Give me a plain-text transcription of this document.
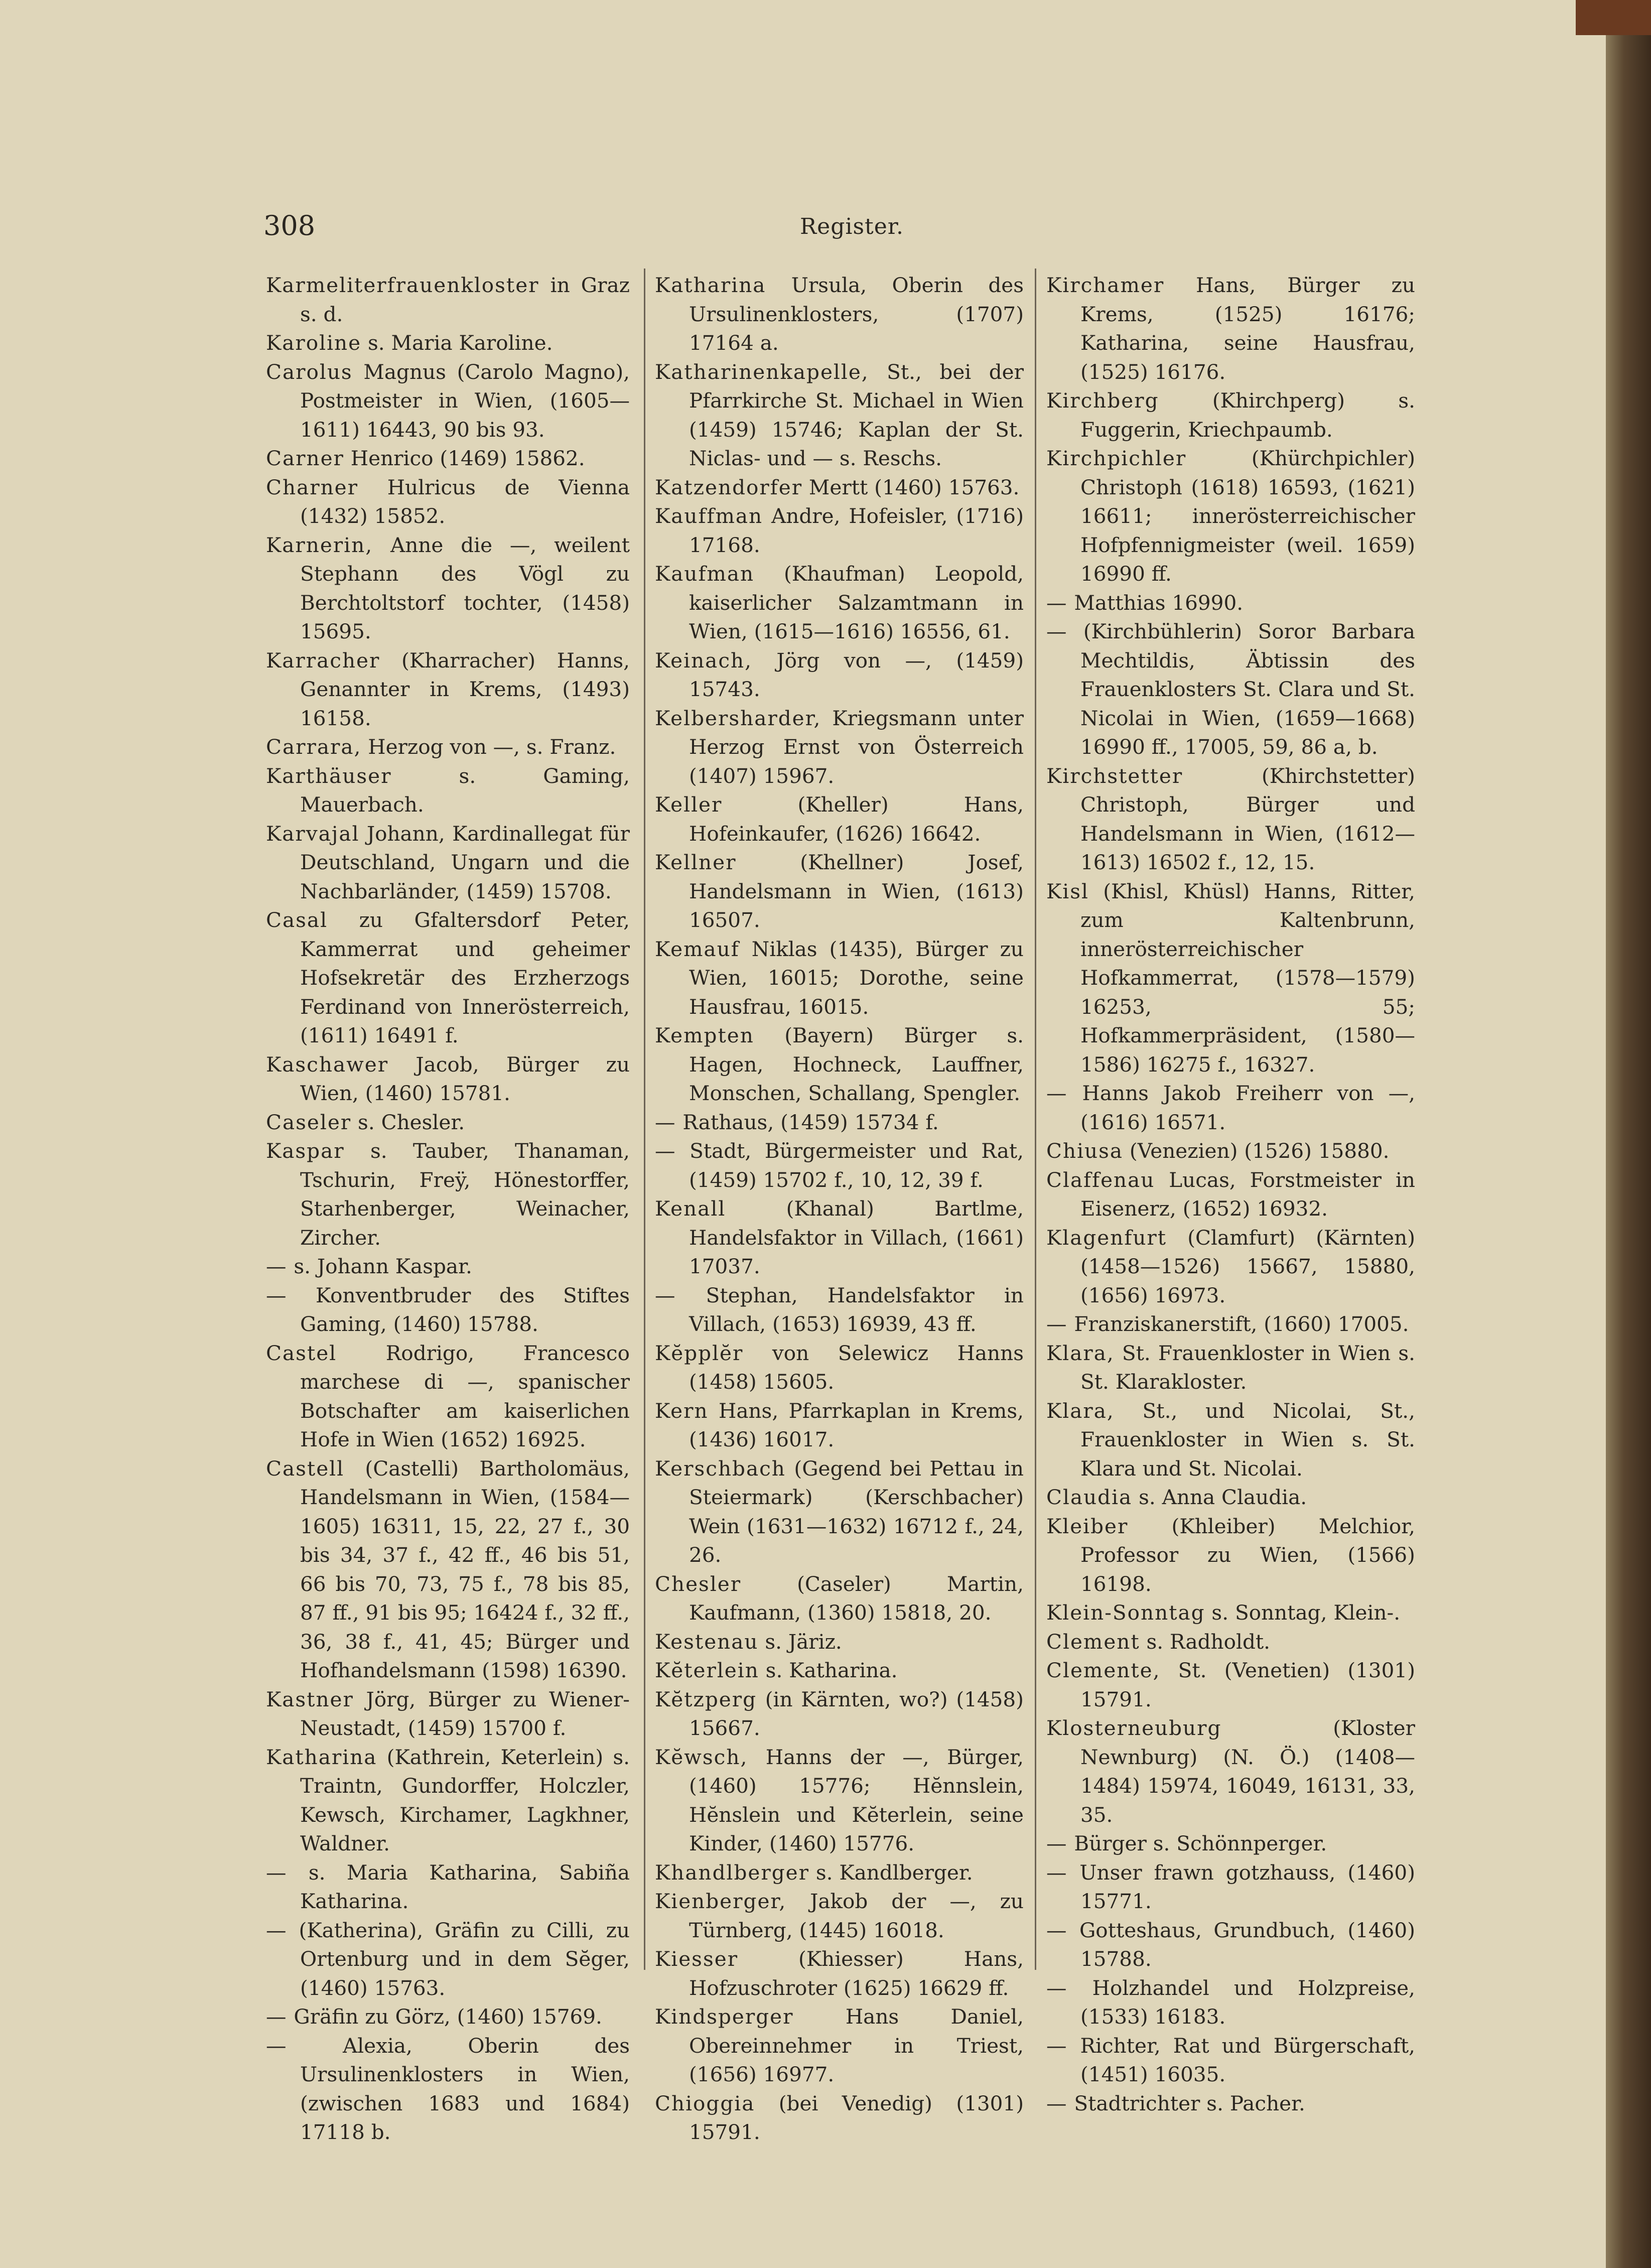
308	Register.

Karmeliterfrauenkloster in Graz s. d.

Karoline s. Maria Karoline.

Carolus Magnus (Carolo Magno), Postmeister in Wien, (1605—1611) 16443, 90 bis 93.

Carner Henrico (1469) 15862.

Charner Hulricus de Vienna (1432) 15852.

Karnerin, Anne die —, weilent Stephann des Vögl zu Berchtoltstorf tochter, (1458) 15695.

Karracher (Kharracher) Hanns, Genannter in Krems, (1493) 16158.

Carrara, Herzog von —, s. Franz.

Karthäuser s. Gaming, Mauerbach.

Karvajal Johann, Kardinallegat für Deutschland, Ungarn und die Nachbarländer, (1459) 15708.

Casal zu Gfaltersdorf Peter, Kammerrat und geheimer Hofsekretär des Erzherzogs Ferdinand von Innerösterreich, (1611) 16491 f.

Kaschawer Jacob, Bürger zu Wien, (1460) 15781.

Caseler s. Chesler.

Kaspar s. Tauber, Thanaman, Tschurin, Freÿ, Hönestorffer, Starhenberger, Weinacher, Zircher.

— s. Johann Kaspar.

— Konventbruder des Stiftes Gaming, (1460) 15788.

Castel Rodrigo, Francesco marchese di —, spanischer Botschafter am kaiserlichen Hofe in Wien (1652) 16925.

Castell (Castelli) Bartholomäus, Handelsmann in Wien, (1584—1605) 16311, 15, 22, 27 f., 30 bis 34, 37 f., 42 ff., 46 bis 51, 66 bis 70, 73, 75 f., 78 bis 85, 87 ff., 91 bis 95; 16424 f., 32 ff., 36, 38 f., 41, 45; Bürger und Hofhandelsmann (1598) 16390.

Kastner Jörg, Bürger zu Wiener-Neustadt, (1459) 15700 f.

Katharina (Kathrein, Keterlein) s. Traintn, Gundorffer, Holczler, Kewsch, Kirchamer, Lagkhner, Waldner.

— s. Maria Katharina, Sabiña Katharina.

— (Katherina), Gräfin zu Cilli, zu Ortenburg und in dem Sĕger, (1460) 15763.

— Gräfin zu Görz, (1460) 15769.

— Alexia, Oberin des Ursulinenklosters in Wien, (zwischen 1683 und 1684) 17118 b.

Katharina Ursula, Oberin des Ursulinenklosters, (1707) 17164 a.

Katharinenkapelle, St., bei der Pfarrkirche St. Michael in Wien (1459) 15746; Kaplan der St. Niclas- und — s. Reschs.

Katzendorfer Mertt (1460) 15763.

Kauffman Andre, Hofeisler, (1716) 17168.

Kaufman (Khaufman) Leopold, kaiserlicher Salzamtmann in Wien, (1615—1616) 16556, 61.

Keinach, Jörg von —, (1459) 15743.

Kelbersharder, Kriegsmann unter Herzog Ernst von Österreich (1407) 15967.

Keller (Kheller) Hans, Hofeinkaufer, (1626) 16642.

Kellner (Khellner) Josef, Handelsmann in Wien, (1613) 16507.

Kemauf Niklas (1435), Bürger zu Wien, 16015; Dorothe, seine Hausfrau, 16015.

Kempten (Bayern) Bürger s. Hagen, Hochneck, Lauffner, Monschen, Schallang, Spengler.

— Rathaus, (1459) 15734 f.

— Stadt, Bürgermeister und Rat, (1459) 15702 f., 10, 12, 39 f.

Kenall (Khanal) Bartlme, Handelsfaktor in Villach, (1661) 17037.

— Stephan, Handelsfaktor in Villach, (1653) 16939, 43 ff.

Kĕpplĕr von Selewicz Hanns (1458) 15605.

Kern Hans, Pfarrkaplan in Krems, (1436) 16017.

Kerschbach (Gegend bei Pettau in Steiermark) (Kerschbacher) Wein (1631—1632) 16712 f., 24, 26.

Chesler (Caseler) Martin, Kaufmann, (1360) 15818, 20.

Kestenau s. Järiz.

Kĕterlein s. Katharina.

Kĕtzperg (in Kärnten, wo?) (1458) 15667.

Kĕwsch, Hanns der —, Bürger, (1460) 15776; Hĕnnslein, Hĕnslein und Kĕterlein, seine Kinder, (1460) 15776.

Khandlberger s. Kandlberger.

Kienberger, Jakob der —, zu Türnberg, (1445) 16018.

Kiesser (Khiesser) Hans, Hofzuschroter (1625) 16629 ff.

Kindsperger Hans Daniel, Obereinnehmer in Triest, (1656) 16977.

Chioggia (bei Venedig) (1301) 15791.

Kirchamer Hans, Bürger zu Krems, (1525) 16176; Katharina, seine Hausfrau, (1525) 16176.

Kirchberg (Khirchperg) s. Fuggerin, Kriechpaumb.

Kirchpichler (Khürchpichler) Christoph (1618) 16593, (1621) 16611; innerösterreichischer Hofpfennigmeister (weil. 1659) 16990 ff.

— Matthias 16990.

— (Kirchbühlerin) Soror Barbara Mechtildis, Äbtissin des Frauenklosters St. Clara und St. Nicolai in Wien, (1659—1668) 16990 ff., 17005, 59, 86 a, b.

Kirchstetter (Khirchstetter) Christoph, Bürger und Handelsmann in Wien, (1612—1613) 16502 f., 12, 15.

Kisl (Khisl, Khüsl) Hanns, Ritter, zum Kaltenbrunn, innerösterreichischer Hofkammerrat, (1578—1579) 16253, 55; Hofkammerpräsident, (1580—1586) 16275 f., 16327.

— Hanns Jakob Freiherr von —, (1616) 16571.

Chiusa (Venezien) (1526) 15880.

Claffenau Lucas, Forstmeister in Eisenerz, (1652) 16932.

Klagenfurt (Clamfurt) (Kärnten) (1458—1526) 15667, 15880, (1656) 16973.

— Franziskanerstift, (1660) 17005.

Klara, St. Frauenkloster in Wien s. St. Klarakloster.

Klara, St., und Nicolai, St., Frauenkloster in Wien s. St. Klara und St. Nicolai.

Claudia s. Anna Claudia.

Kleiber (Khleiber) Melchior, Professor zu Wien, (1566) 16198.

Klein-Sonntag s. Sonntag, Klein-.

Clement s. Radholdt.

Clemente, St. (Venetien) (1301) 15791.

Klosterneuburg (Kloster Newnburg) (N. Ö.) (1408—1484) 15974, 16049, 16131, 33, 35.

— Bürger s. Schönnperger.

— Unser frawn gotzhauss, (1460) 15771.

— Gotteshaus, Grundbuch, (1460) 15788.

— Holzhandel und Holzpreise, (1533) 16183.

— Richter, Rat und Bürgerschaft, (1451) 16035.

— Stadtrichter s. Pacher.
